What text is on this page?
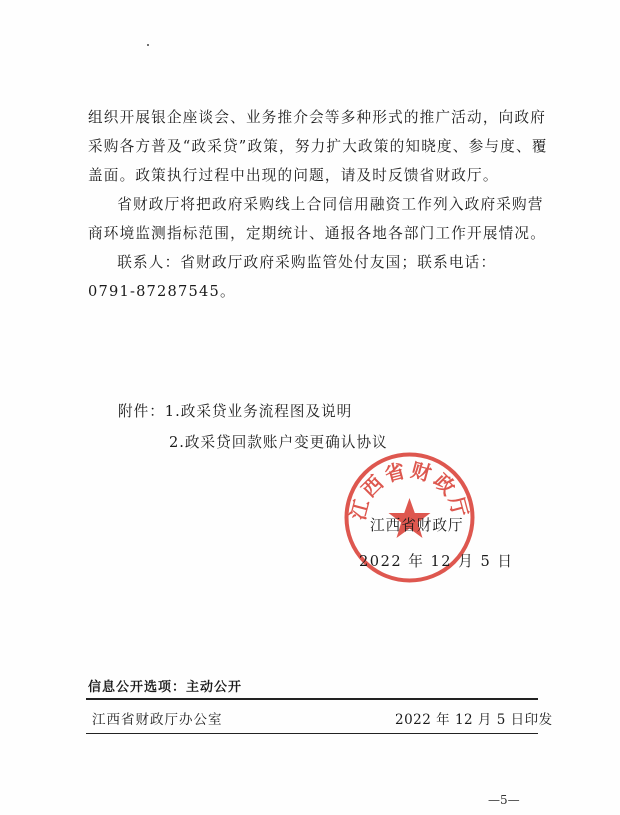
组织开展银企座谈会、业务推介会等多种形式的推广活动，向政府采购各方普及“政采贷”政策，努力扩大政策的知晓度、参与度、覆盖面。政策执行过程中出现的问题，请及时反馈省财政厅。

省财政厅将把政府采购线上合同信用融资工作列入政府采购营商环境监测指标范围，定期统计、通报各地各部门工作开展情况。

联系人：省财政厅政府采购监管处付友国；联系电话：

0791-87287545。

附件：1.政采贷业务流程图及说明
2.政采贷回款账户变更确认协议
江西省财政厅
江西省财政厅
2022 年 12 月 5 日
信息公开选项：主动公开
江西省财政厅办公室	2022 年 12 月 5 日印发
—5—
